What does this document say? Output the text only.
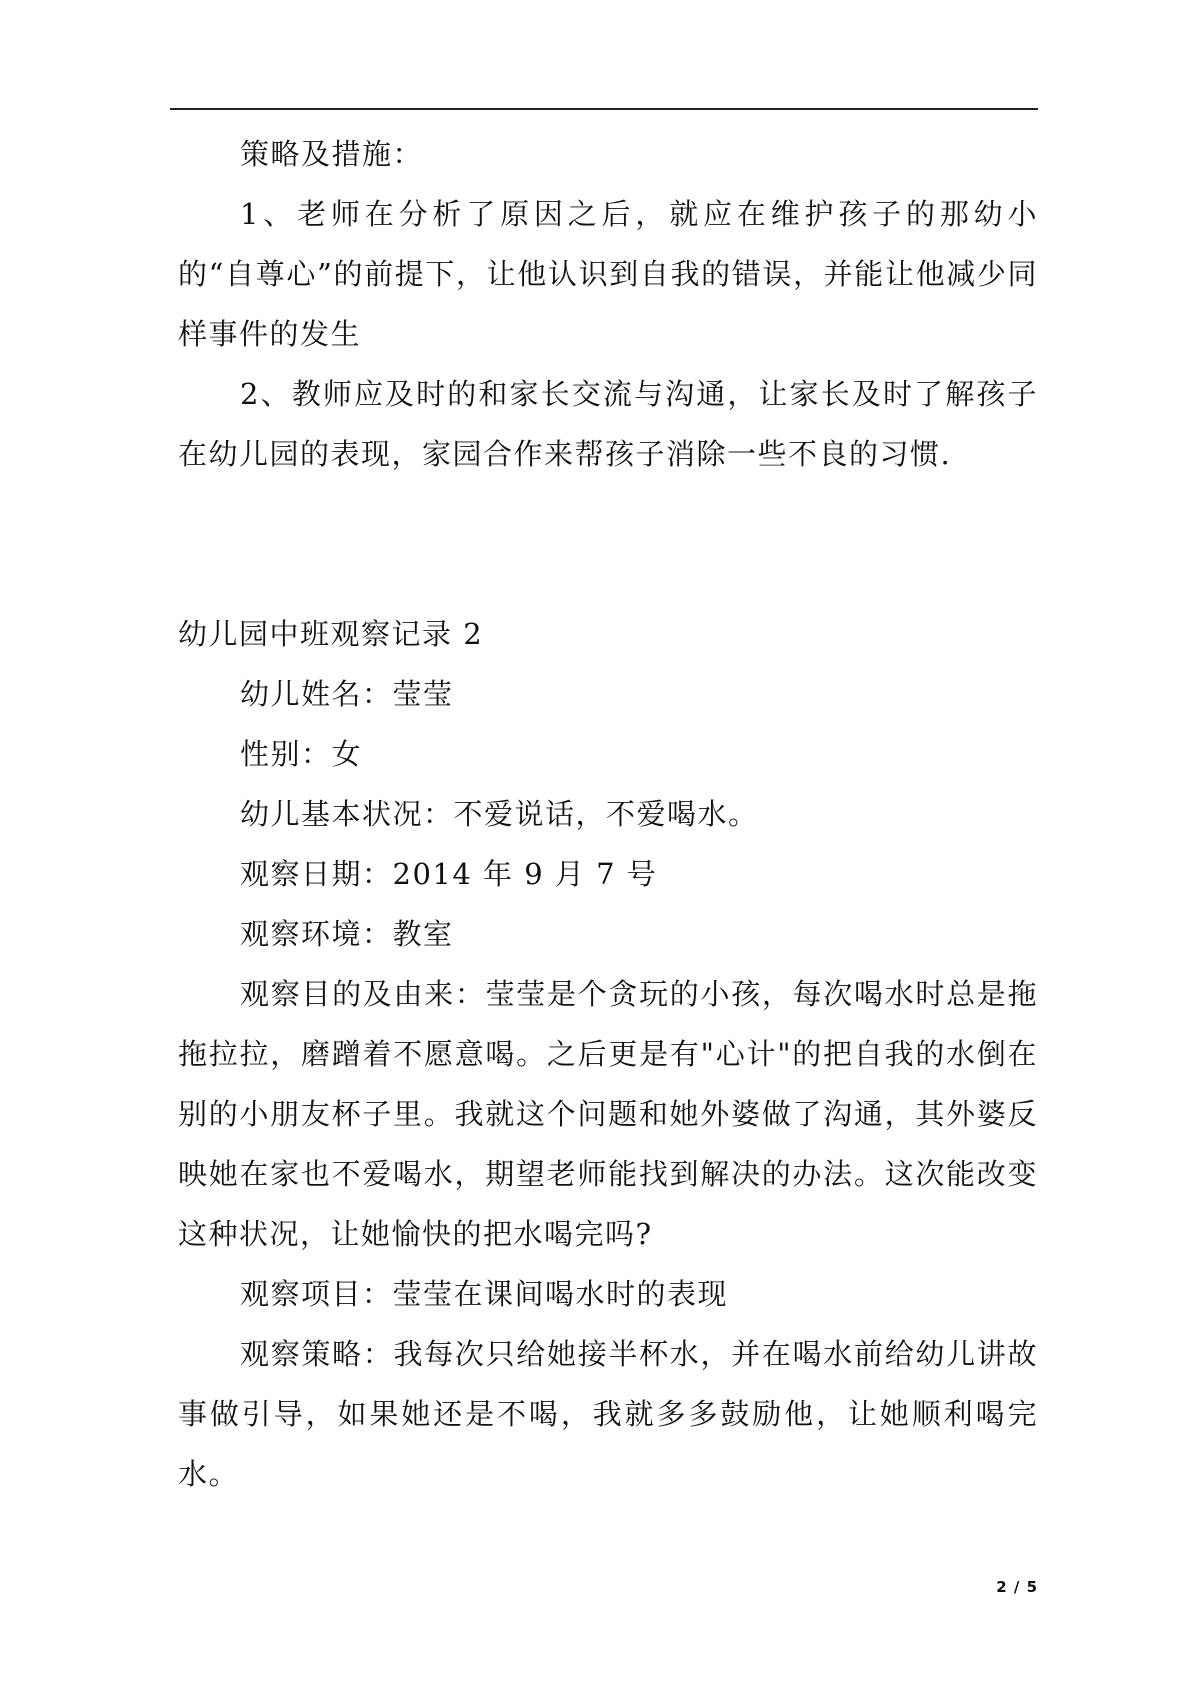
策略及措施：

1、老师在分析了原因之后，就应在维护孩子的那幼小的“自尊心”的前提下，让他认识到自我的错误，并能让他减少同样事件的发生

2、教师应及时的和家长交流与沟通，让家长及时了解孩子在幼儿园的表现，家园合作来帮孩子消除一些不良的习惯.

幼儿园中班观察记录 2

幼儿姓名：莹莹

性别：女

幼儿基本状况：不爱说话，不爱喝水。

观察日期：2014 年 9 月 7 号

观察环境：教室

观察目的及由来：莹莹是个贪玩的小孩，每次喝水时总是拖拖拉拉，磨蹭着不愿意喝。之后更是有"心计"的把自我的水倒在别的小朋友杯子里。我就这个问题和她外婆做了沟通，其外婆反映她在家也不爱喝水，期望老师能找到解决的办法。这次能改变这种状况，让她愉快的把水喝完吗?

观察项目：莹莹在课间喝水时的表现

观察策略：我每次只给她接半杯水，并在喝水前给幼儿讲故事做引导，如果她还是不喝，我就多多鼓励他，让她顺利喝完水。

2 / 5
